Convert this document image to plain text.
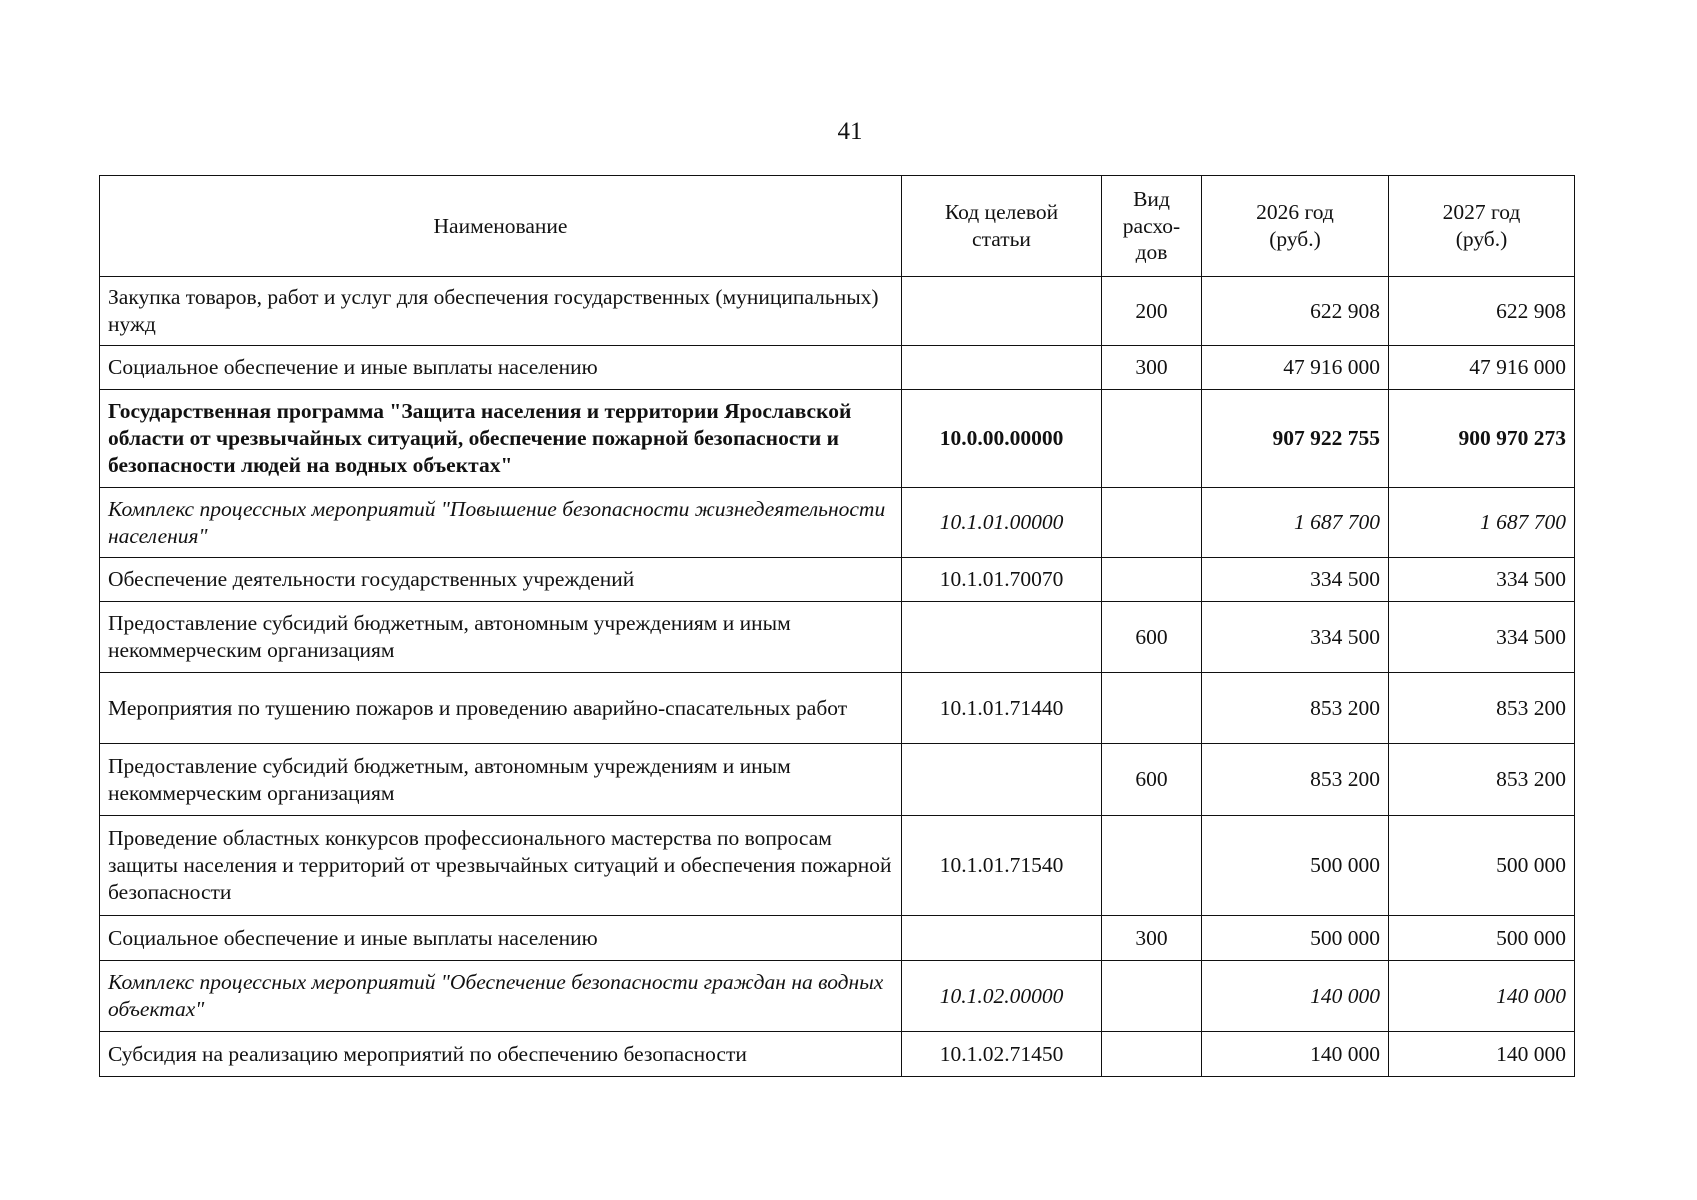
41
Наименование	Код целевой статьи	Вид расхо-дов	2026 год (руб.)	2027 год (руб.)
Закупка товаров, работ и услуг для обеспечения государственных (муниципальных) нужд		200	622 908	622 908
Социальное обеспечение и иные выплаты населению		300	47 916 000	47 916 000
Государственная программа "Защита населения и территории Ярославской области от чрезвычайных ситуаций, обеспечение пожарной безопасности и безопасности людей на водных объектах"	10.0.00.00000		907 922 755	900 970 273
Комплекс процессных мероприятий "Повышение безопасности жизнедеятельности населения"	10.1.01.00000		1 687 700	1 687 700
Обеспечение деятельности государственных учреждений	10.1.01.70070		334 500	334 500
Предоставление субсидий бюджетным, автономным учреждениям и иным некоммерческим организациям		600	334 500	334 500
Мероприятия по тушению пожаров и проведению аварийно-спасательных работ	10.1.01.71440		853 200	853 200
Предоставление субсидий бюджетным, автономным учреждениям и иным некоммерческим организациям		600	853 200	853 200
Проведение областных конкурсов профессионального мастерства по вопросам защиты населения и территорий от чрезвычайных ситуаций и обеспечения пожарной безопасности	10.1.01.71540		500 000	500 000
Социальное обеспечение и иные выплаты населению		300	500 000	500 000
Комплекс процессных мероприятий "Обеспечение безопасности граждан на водных объектах"	10.1.02.00000		140 000	140 000
Субсидия на реализацию мероприятий по обеспечению безопасности	10.1.02.71450		140 000	140 000
